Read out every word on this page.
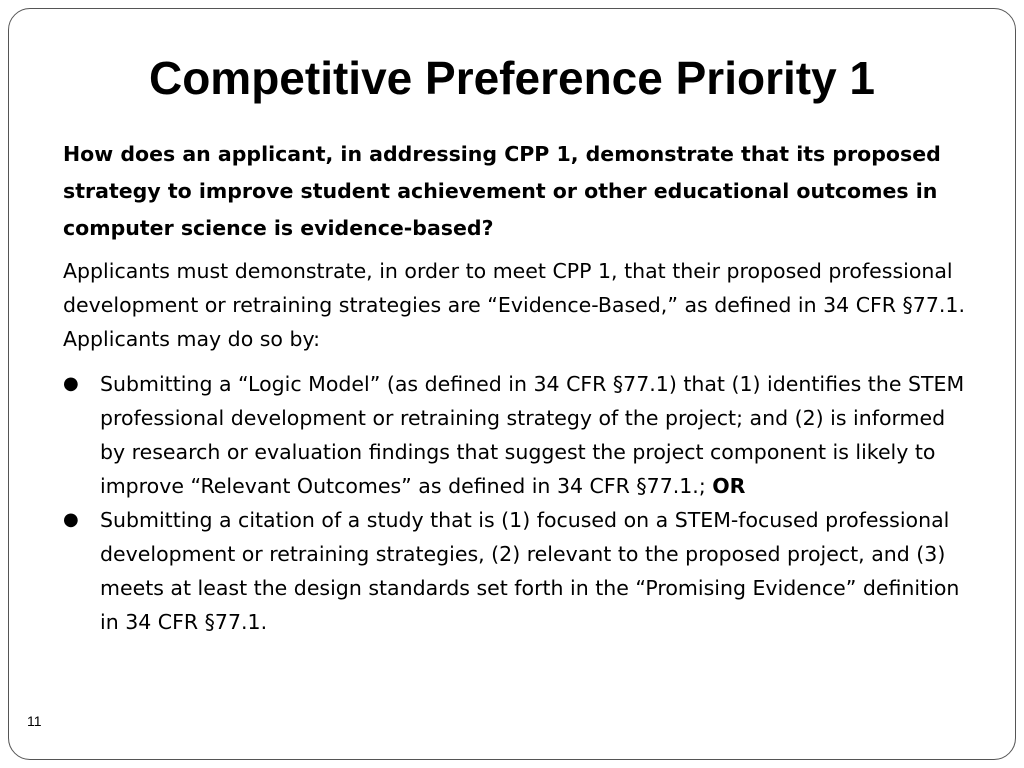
Competitive Preference Priority 1

How does an applicant, in addressing CPP 1, demonstrate that its proposed strategy to improve student achievement or other educational outcomes in computer science is evidence-based?

Applicants must demonstrate, in order to meet CPP 1, that their proposed professional development or retraining strategies are “Evidence-Based,” as defined in 34 CFR §77.1. Applicants may do so by:

● Submitting a “Logic Model” (as defined in 34 CFR §77.1) that (1) identifies the STEM professional development or retraining strategy of the project; and (2) is informed by research or evaluation findings that suggest the project component is likely to improve “Relevant Outcomes” as defined in 34 CFR §77.1.; OR
● Submitting a citation of a study that is (1) focused on a STEM-focused professional development or retraining strategies, (2) relevant to the proposed project, and (3) meets at least the design standards set forth in the “Promising Evidence” definition in 34 CFR §77.1.
11
